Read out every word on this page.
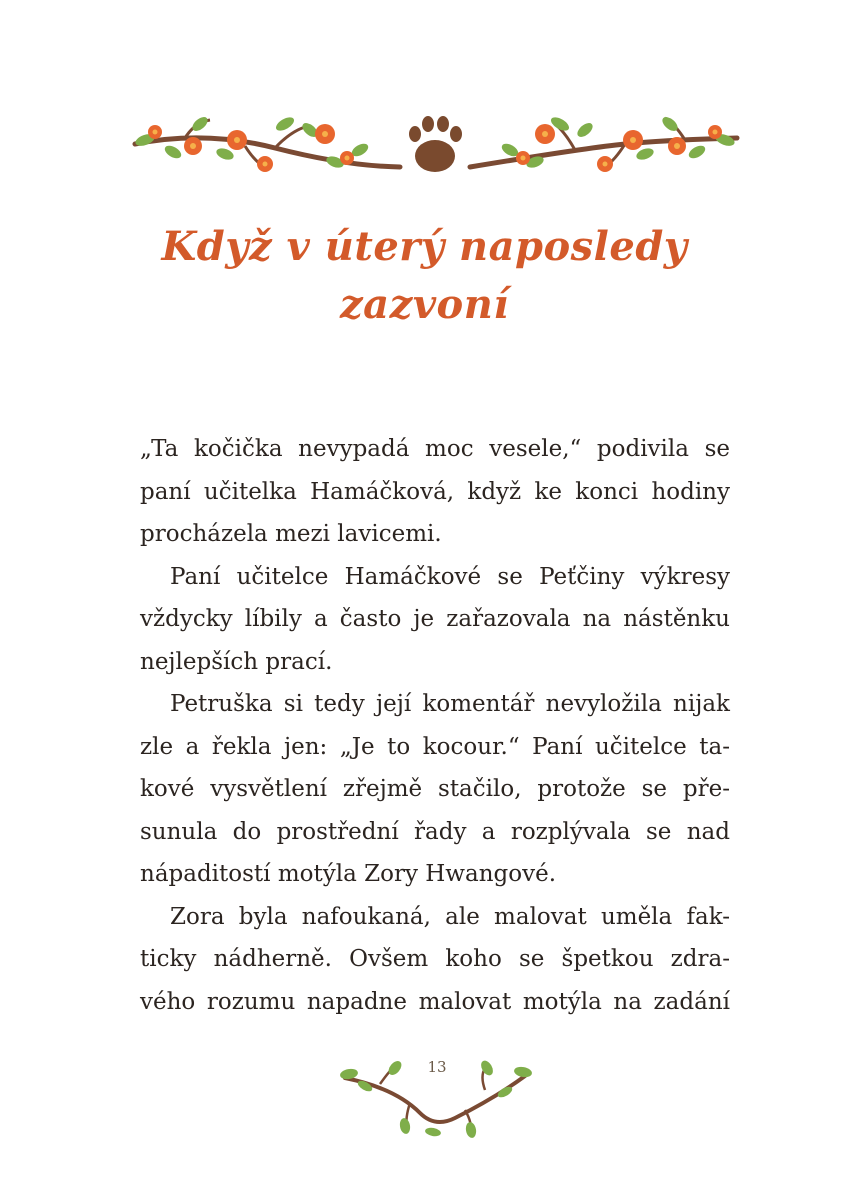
Když v úterý naposledy
zazvoní
„Ta kočička nevypadá moc vesele,“ podivila se
paní učitelka Hamáčková, když ke konci hodiny
procházela mezi lavicemi.
Paní učitelce Hamáčkové se Peťčiny výkresy
vždycky líbily a často je zařazovala na nástěnku
nejlepších prací.
Petruška si tedy její komentář nevyložila nijak
zle a řekla jen: „Je to kocour.“ Paní učitelce ta-
kové vysvětlení zřejmě stačilo, protože se pře-
sunula do prostřední řady a rozplývala se nad
nápaditostí motýla Zory Hwangové.
Zora byla nafoukaná, ale malovat uměla fak-
ticky nádherně. Ovšem koho se špetkou zdra-
vého rozumu napadne malovat motýla na zadání
13
